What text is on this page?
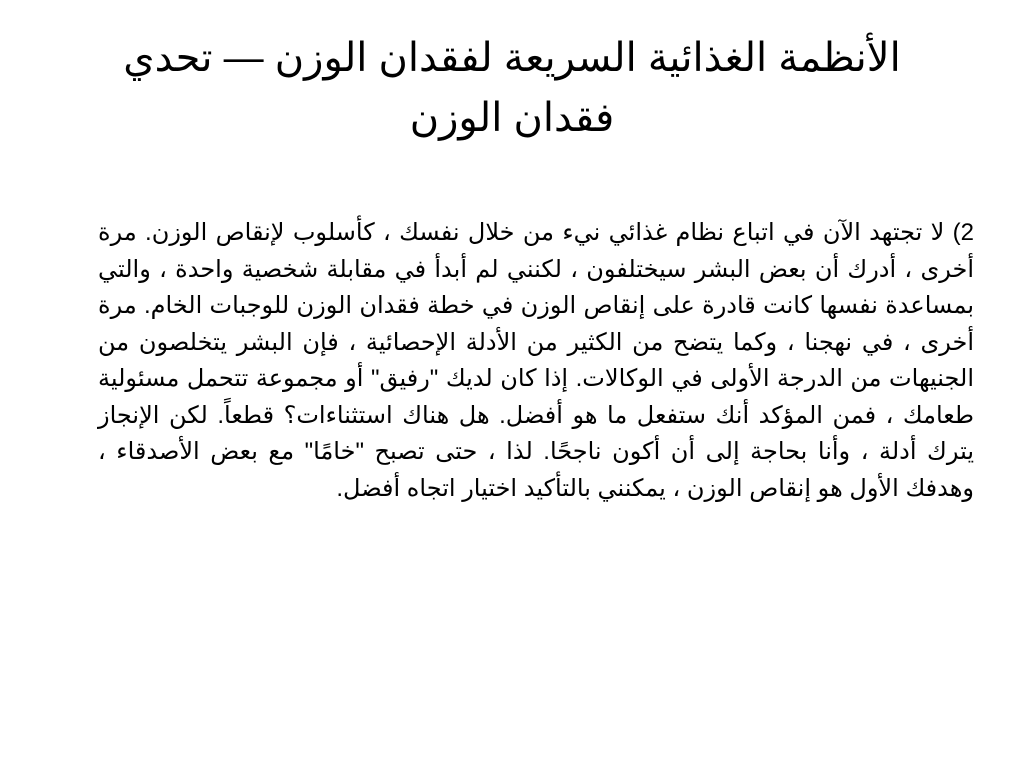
الأنظمة الغذائية السريعة لفقدان الوزن — تحدي فقدان الوزن

2) لا تجتهد الآن في اتباع نظام غذائي نيء من خلال نفسك ، كأسلوب لإنقاص الوزن. مرة أخرى ، أدرك أن بعض البشر سيختلفون ، لكنني لم أبدأ في مقابلة شخصية واحدة ، والتي بمساعدة نفسها كانت قادرة على إنقاص الوزن في خطة فقدان الوزن للوجبات الخام. مرة أخرى ، في نهجنا ، وكما يتضح من الكثير من الأدلة الإحصائية ، فإن البشر يتخلصون من الجنيهات من الدرجة الأولى في الوكالات. إذا كان لديك "رفيق" أو مجموعة تتحمل مسئولية طعامك ، فمن المؤكد أنك ستفعل ما هو أفضل. هل هناك استثناءات؟ قطعاً. لكن الإنجاز يترك أدلة ، وأنا بحاجة إلى أن أكون ناجحًا. لذا ، حتى تصبح "خامًا" مع بعض الأصدقاء ، وهدفك الأول هو إنقاص الوزن ، يمكنني بالتأكيد اختيار اتجاه أفضل.
